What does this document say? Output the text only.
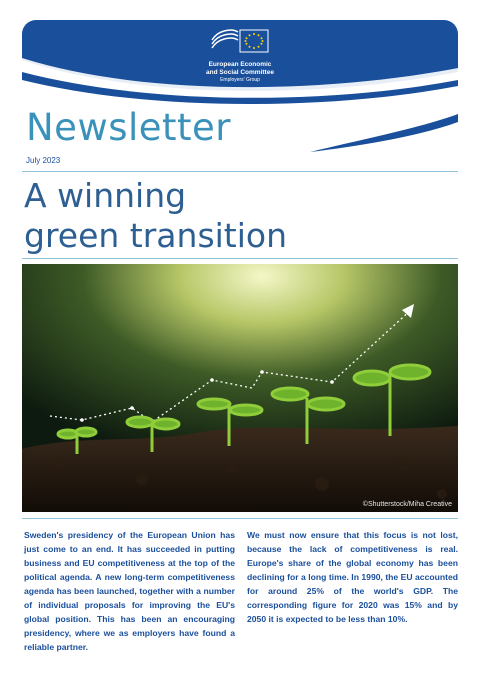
European Economic
and Social Committee
Employers' Group
Newsletter
July 2023
A winning
green transition
©Shutterstock/Miha Creative
Sweden's presidency of the European Union has just come to an end. It has succeeded in putting business and EU competitiveness at the top of the political agenda. A new long-term competitiveness agenda has been launched, together with a number of individual proposals for improving the EU's global position. This has been an encouraging presidency, where we as employers have found a reliable partner.
We must now ensure that this focus is not lost, because the lack of competitiveness is real. Europe's share of the global economy has been declining for a long time. In 1990, the EU accounted for around 25% of the world's GDP. The corresponding figure for 2020 was 15% and by 2050 it is expected to be less than 10%.
